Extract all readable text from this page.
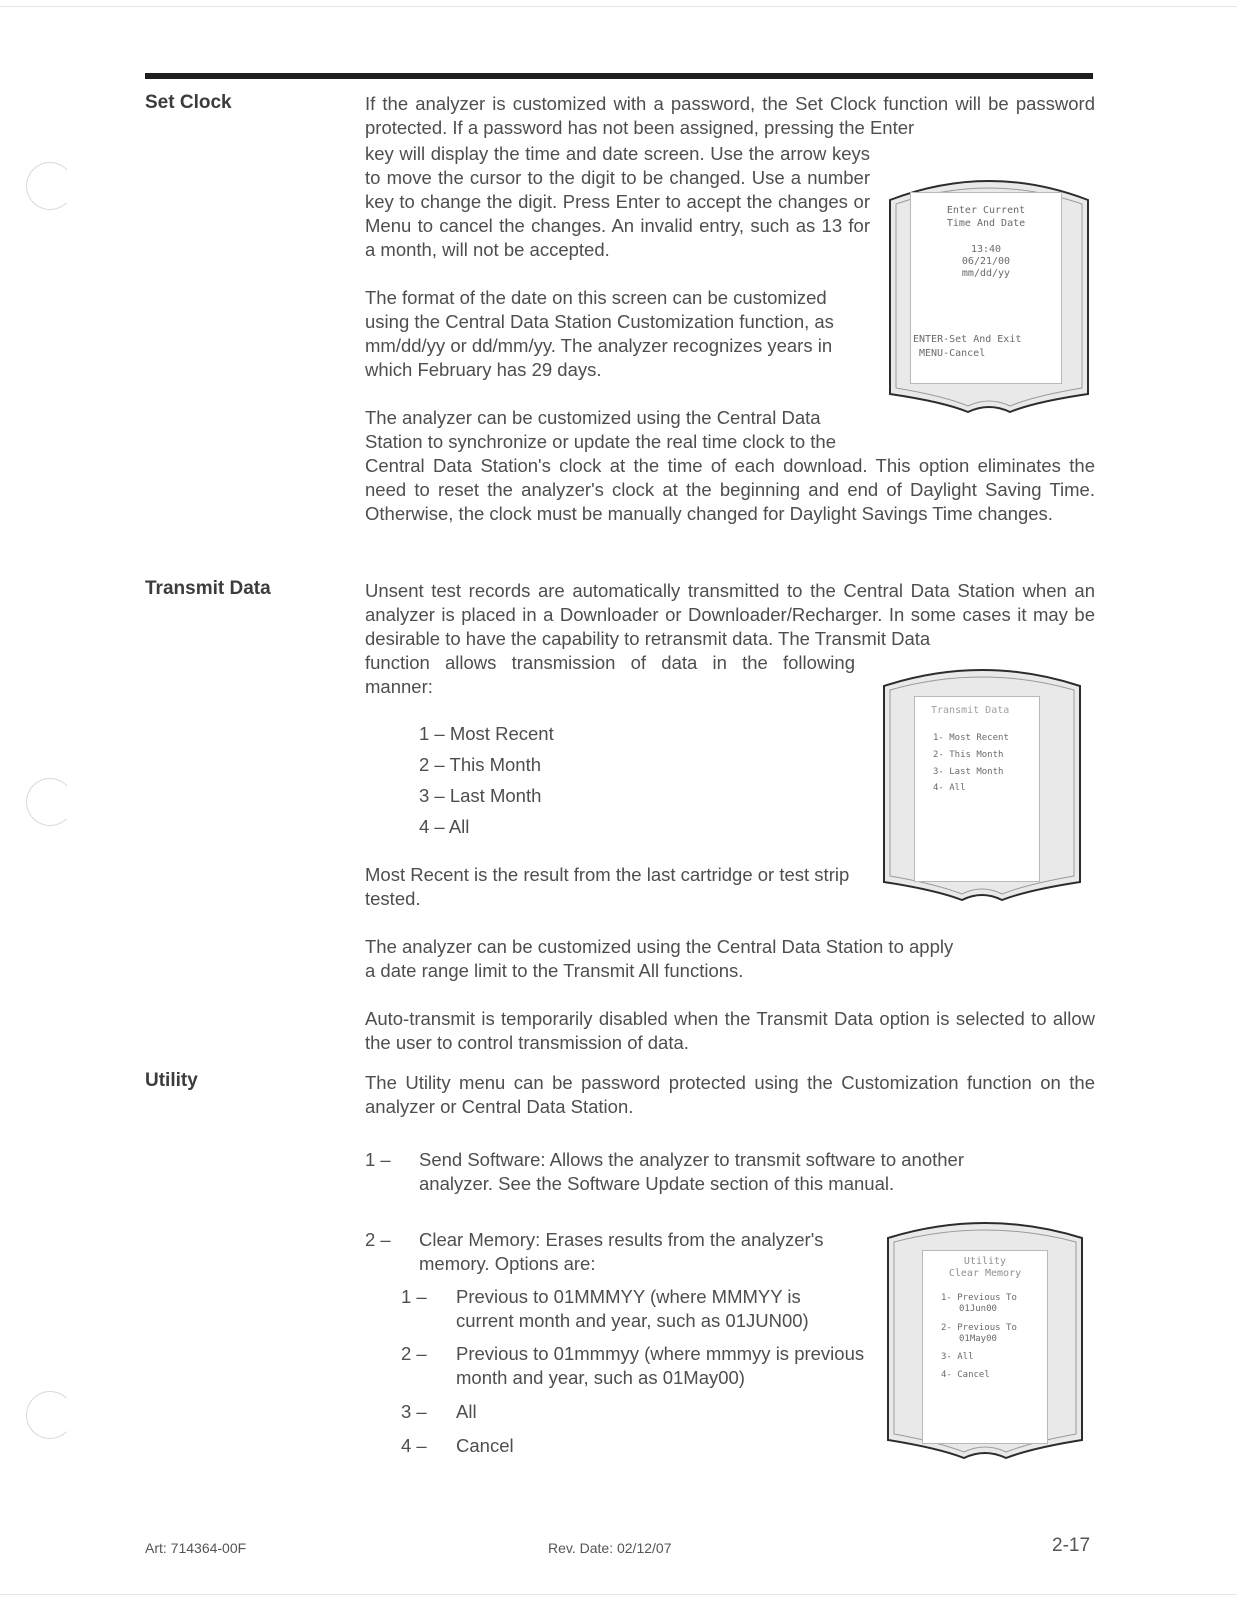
Set Clock	If the analyzer is customized with a password, the Set Clock function will be password protected. If a password has not been assigned, pressing the Enter

key will display the time and date screen. Use the arrow keys to move the cursor to the digit to be changed. Use a number key to change the digit. Press Enter to accept the changes or Menu to cancel the changes. An invalid entry, such as 13 for a month, will not be accepted.

The format of the date on this screen can be customized using the Central Data Station Customization function, as mm/dd/yy or dd/mm/yy. The analyzer recognizes years in which February has 29 days.

The analyzer can be customized using the Central Data Station to synchronize or update the real time clock to the

Central Data Station's clock at the time of each download. This option eliminates the need to reset the analyzer's clock at the beginning and end of Daylight Saving Time. Otherwise, the clock must be manually changed for Daylight Savings Time changes.

Enter Current
Time And Date
13:40
06/21/00
mm/dd/yy
ENTER-Set And Exit
MENU-Cancel
Transmit Data	Unsent test records are automatically transmitted to the Central Data Station when an analyzer is placed in a Downloader or Downloader/Recharger. In some cases it may be desirable to have the capability to retransmit data. The Transmit Data

function allows transmission of data in the following manner:

1 – Most Recent
2 – This Month
3 – Last Month
4 – All

Most Recent is the result from the last cartridge or test strip tested.

The analyzer can be customized using the Central Data Station to apply a date range limit to the Transmit All functions.

Auto-transmit is temporarily disabled when the Transmit Data option is selected to allow the user to control transmission of data.

Transmit Data
1- Most Recent
2- This Month
3- Last Month
4- All
Utility	The Utility menu can be password protected using the Customization function on the analyzer or Central Data Station.

1 – Send Software: Allows the analyzer to transmit software to another analyzer. See the Software Update section of this manual.
2 – Clear Memory: Erases results from the analyzer's memory. Options are:
1 – Previous to 01MMMYY (where MMMYY is current month and year, such as 01JUN00)
2 – Previous to 01mmmyy (where mmmyy is previous month and year, such as 01May00)
3 – All
4 – Cancel
Utility
Clear Memory
1- Previous To
01Jun00
2- Previous To
01May00
3- All
4- Cancel
Art: 714364-00F	Rev. Date: 02/12/07	2-17
